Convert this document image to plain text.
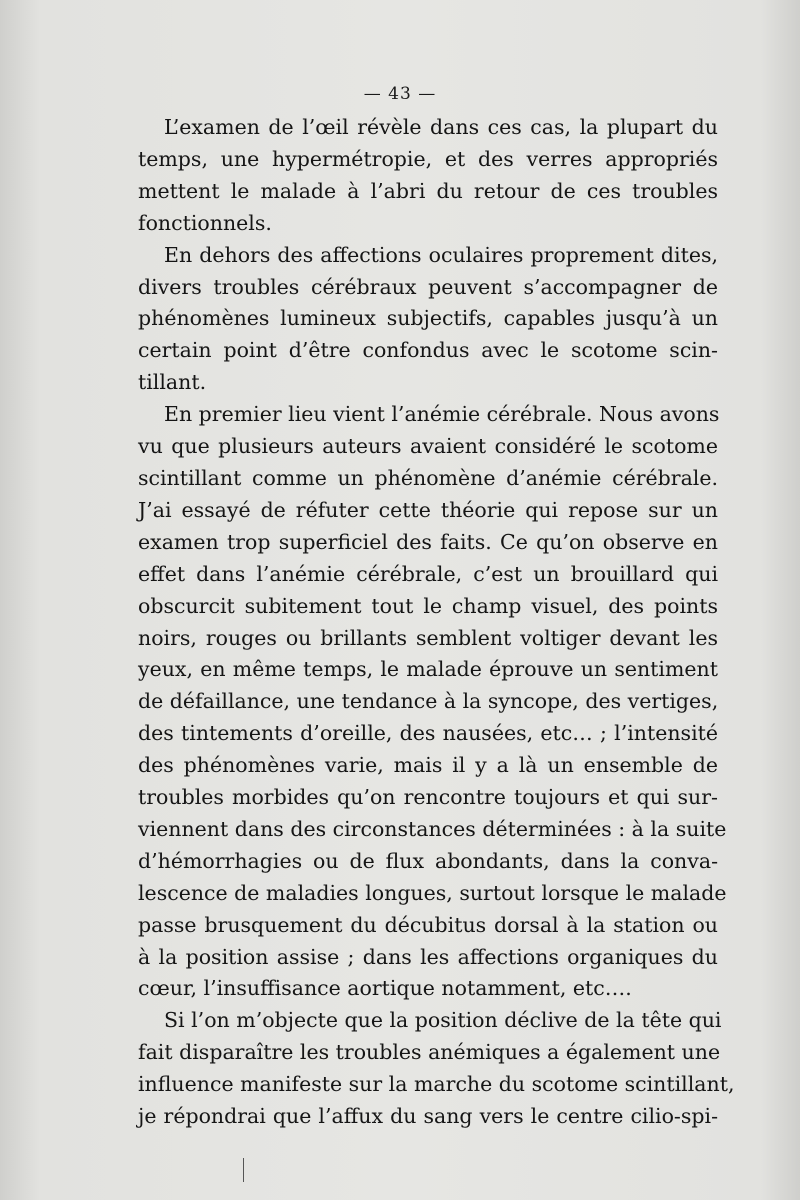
— 43 —
L’examen de l’œil révèle dans ces cas, la plupart du
temps, une hypermétropie, et des verres appropriés
mettent le malade à l’abri du retour de ces troubles
fonctionnels.
En dehors des affections oculaires proprement dites,
divers troubles cérébraux peuvent s’accompagner de
phénomènes lumineux subjectifs, capables jusqu’à un
certain point d’être confondus avec le scotome scin-
tillant.
En premier lieu vient l’anémie cérébrale. Nous avons
vu que plusieurs auteurs avaient considéré le scotome
scintillant comme un phénomène d’anémie cérébrale.
J’ai essayé de réfuter cette théorie qui repose sur un
examen trop superficiel des faits. Ce qu’on observe en
effet dans l’anémie cérébrale, c’est un brouillard qui
obscurcit subitement tout le champ visuel, des points
noirs, rouges ou brillants semblent voltiger devant les
yeux, en même temps, le malade éprouve un sentiment
de défaillance, une tendance à la syncope, des vertiges,
des tintements d’oreille, des nausées, etc… ; l’intensité
des phénomènes varie, mais il y a là un ensemble de
troubles morbides qu’on rencontre toujours et qui sur-
viennent dans des circonstances déterminées : à la suite
d’hémorrhagies ou de flux abondants, dans la conva-
lescence de maladies longues, surtout lorsque le malade
passe brusquement du décubitus dorsal à la station ou
à la position assise ; dans les affections organiques du
cœur, l’insuffisance aortique notamment, etc….
Si l’on m’objecte que la position déclive de la tête qui
fait disparaître les troubles anémiques a également une
influence manifeste sur la marche du scotome scintillant,
je répondrai que l’affux du sang vers le centre cilio-spi-
